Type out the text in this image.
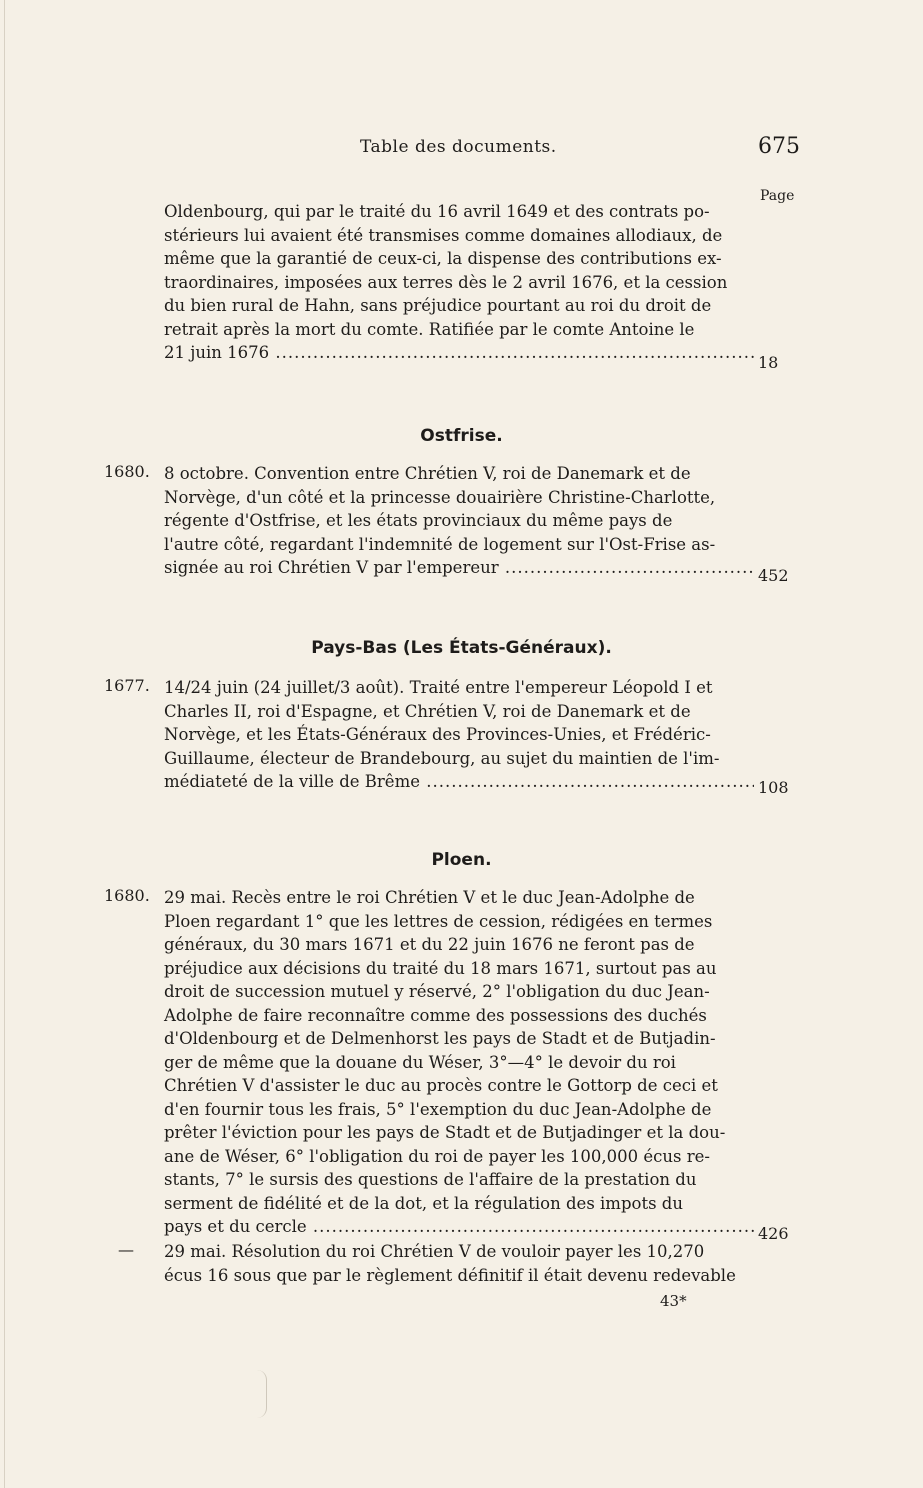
Table des documents.	675
Page
Oldenbourg, qui par le traité du 16 avril 1649 et des contrats po-
stérieurs lui avaient été transmises comme domaines allodiaux, de
même que la garantié de ceux-ci, la dispense des contributions ex-
traordinaires, imposées aux terres dès le 2 avril 1676, et la cession
du bien rural de Hahn, sans préjudice pourtant au roi du droit de
retrait après la mort du comte. Ratifiée par le comte Antoine le
21 juin 1676 .....
18
Ostfrise.
1680. 8 octobre. Convention entre Chrétien V, roi de Danemark et de
Norvège, d'un côté et la princesse douairière Christine-Charlotte,
régente d'Ostfrise, et les états provinciaux du même pays de
l'autre côté, regardant l'indemnité de logement sur l'Ost-Frise as-
signée au roi Chrétien V par l'empereur .....	452
Pays-Bas (Les États-Généraux).
1677. 14/24 juin (24 juillet/3 août). Traité entre l'empereur Léopold I et
Charles II, roi d'Espagne, et Chrétien V, roi de Danemark et de
Norvège, et les États-Généraux des Provinces-Unies, et Frédéric-
Guillaume, électeur de Brandebourg, au sujet du maintien de l'im-
médiateté de la ville de Brême .....	108
Ploen.
1680. 29 mai. Recès entre le roi Chrétien V et le duc Jean-Adolphe de
Ploen regardant 1° que les lettres de cession, rédigées en termes
généraux, du 30 mars 1671 et du 22 juin 1676 ne feront pas de
préjudice aux décisions du traité du 18 mars 1671, surtout pas au
droit de succession mutuel y réservé, 2° l'obligation du duc Jean-
Adolphe de faire reconnaître comme des possessions des duchés
d'Oldenbourg et de Delmenhorst les pays de Stadt et de Butjadin-
ger de même que la douane du Wéser, 3°—4° le devoir du roi
Chrétien V d'assister le duc au procès contre le Gottorp de ceci et
d'en fournir tous les frais, 5° l'exemption du duc Jean-Adolphe de
prêter l'éviction pour les pays de Stadt et de Butjadinger et la dou-
ane de Wéser, 6° l'obligation du roi de payer les 100,000 écus re-
stants, 7° le sursis des questions de l'affaire de la prestation du
serment de fidélité et de la dot, et la régulation des impots du
pays et du cercle .....	426
— 29 mai. Résolution du roi Chrétien V de vouloir payer les 10,270
écus 16 sous que par le règlement définitif il était devenu redevable
43*
